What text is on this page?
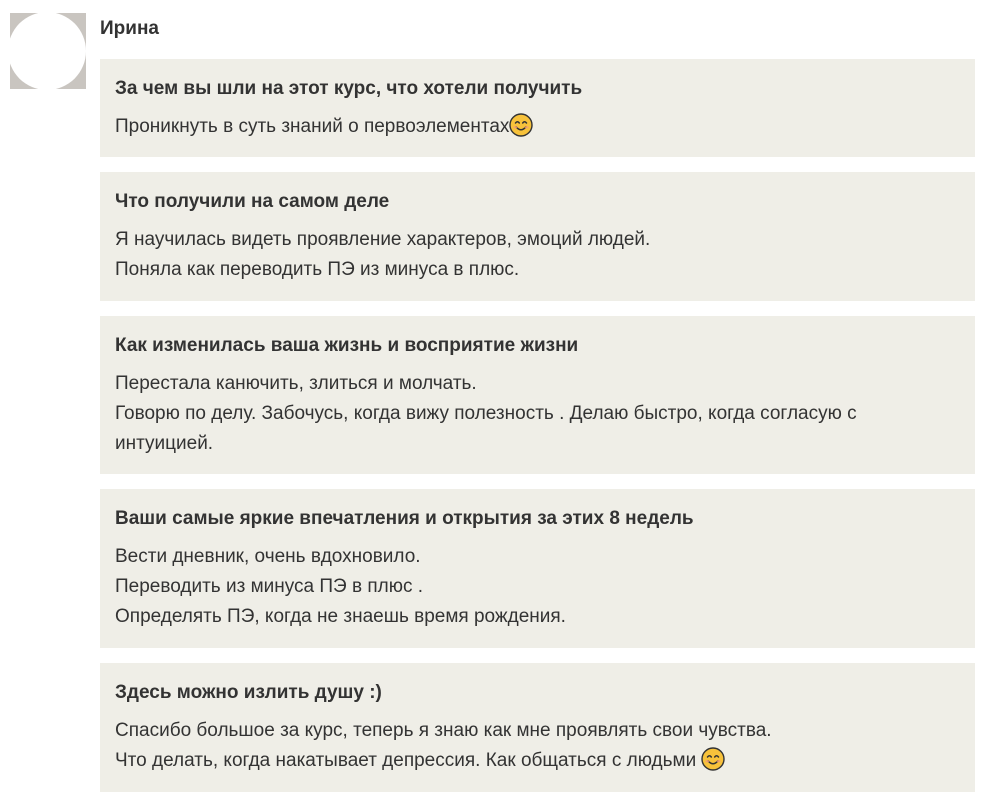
Ирина
За чем вы шли на этот курс, что хотели получить
Проникнуть в суть знаний о первоэлементах
Что получили на самом деле
Я научилась видеть проявление характеров, эмоций людей.
Поняла как переводить ПЭ из минуса в плюс.
Как изменилась ваша жизнь и восприятие жизни
Перестала канючить, злиться и молчать.
Говорю по делу. Забочусь, когда вижу полезность . Делаю быстро, когда согласую с
интуицией.
Ваши самые яркие впечатления и открытия за этих 8 недель
Вести дневник, очень вдохновило.
Переводить из минуса ПЭ в плюс .
Определять ПЭ, когда не знаешь время рождения.
Здесь можно излить душу :)
Спасибо большое за курс, теперь я знаю как мне проявлять свои чувства.
Что делать, когда накатывает депрессия. Как общаться с людьми
